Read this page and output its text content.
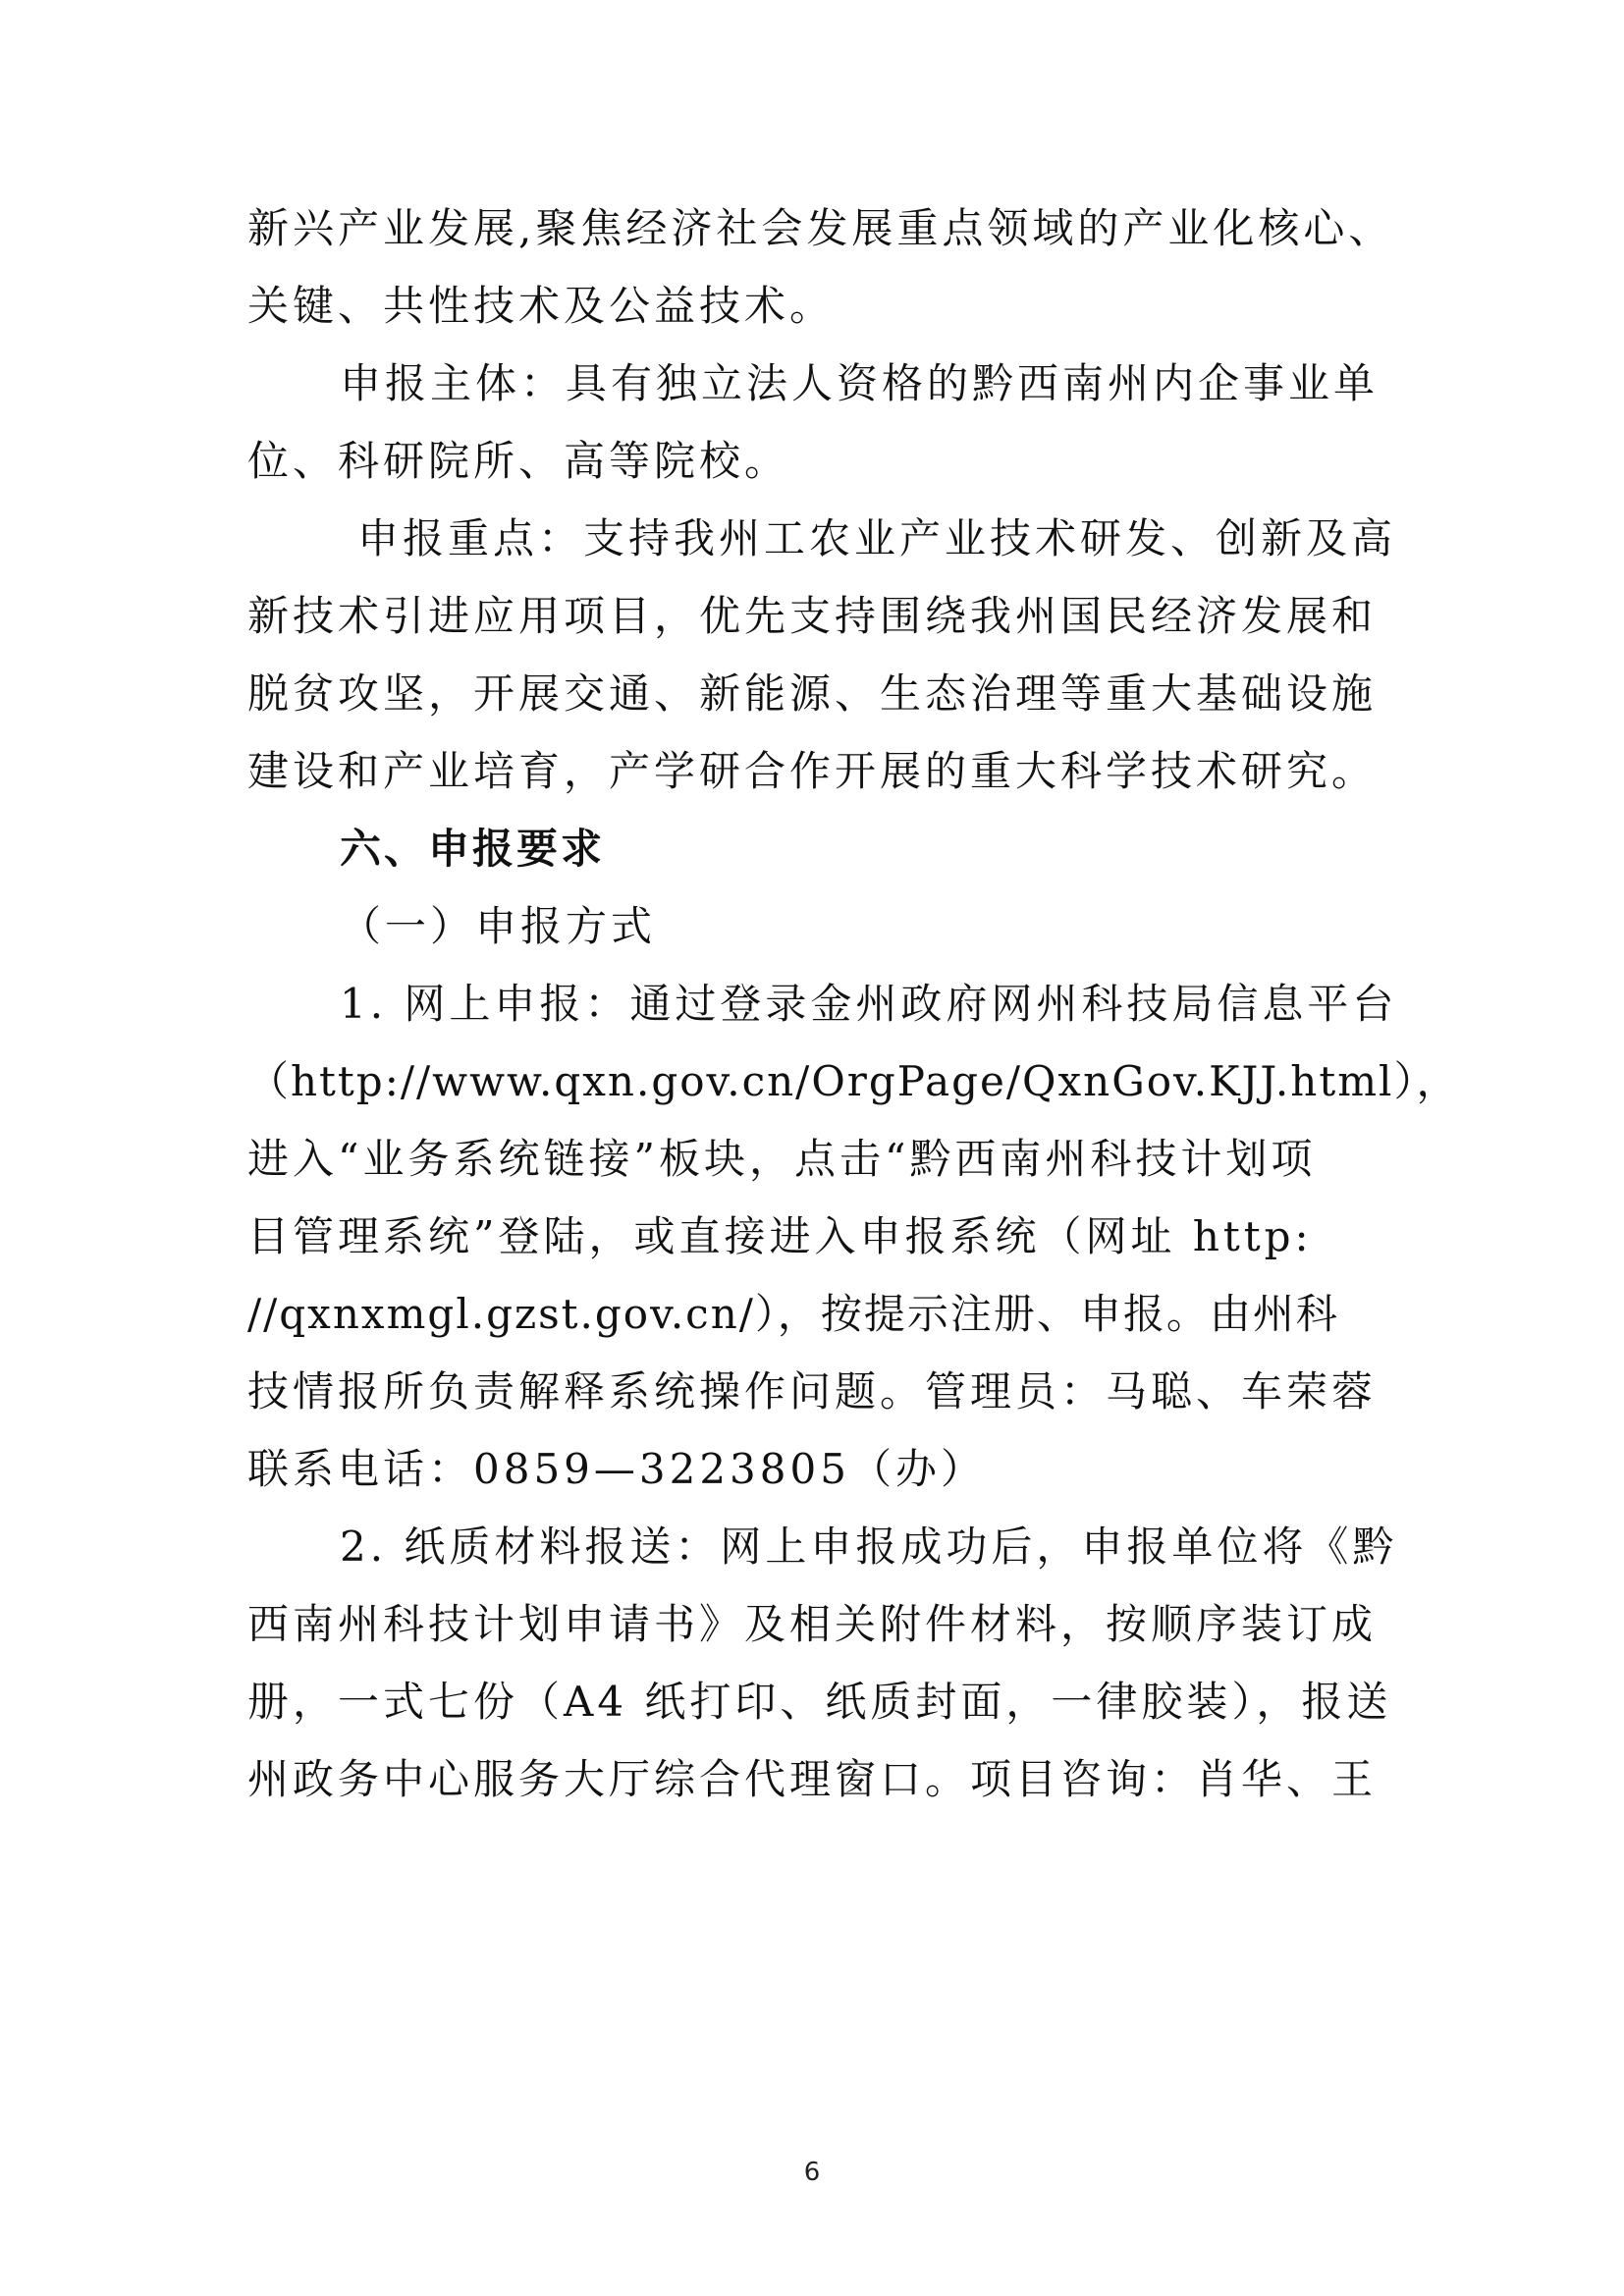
新兴产业发展,聚焦经济社会发展重点领域的产业化核心、
关键、共性技术及公益技术。
申报主体：具有独立法人资格的黔西南州内企事业单
位、科研院所、高等院校。
申报重点：支持我州工农业产业技术研发、创新及高
新技术引进应用项目，优先支持围绕我州国民经济发展和
脱贫攻坚，开展交通、新能源、生态治理等重大基础设施
建设和产业培育，产学研合作开展的重大科学技术研究。
六、申报要求
（一）申报方式
1. 网上申报：通过登录金州政府网州科技局信息平台
（http://www.qxn.gov.cn/OrgPage/QxnGov.KJJ.html），
进入“业务系统链接”板块，点击“黔西南州科技计划项
目管理系统”登陆，或直接进入申报系统（网址 http:
//qxnxmgl.gzst.gov.cn/），按提示注册、申报。由州科
技情报所负责解释系统操作问题。管理员：马聪、车荣蓉
联系电话：0859—3223805（办）
2. 纸质材料报送：网上申报成功后，申报单位将《黔
西南州科技计划申请书》及相关附件材料，按顺序装订成
册，一式七份（A4 纸打印、纸质封面，一律胶装），报送
州政务中心服务大厅综合代理窗口。项目咨询：肖华、王
6
